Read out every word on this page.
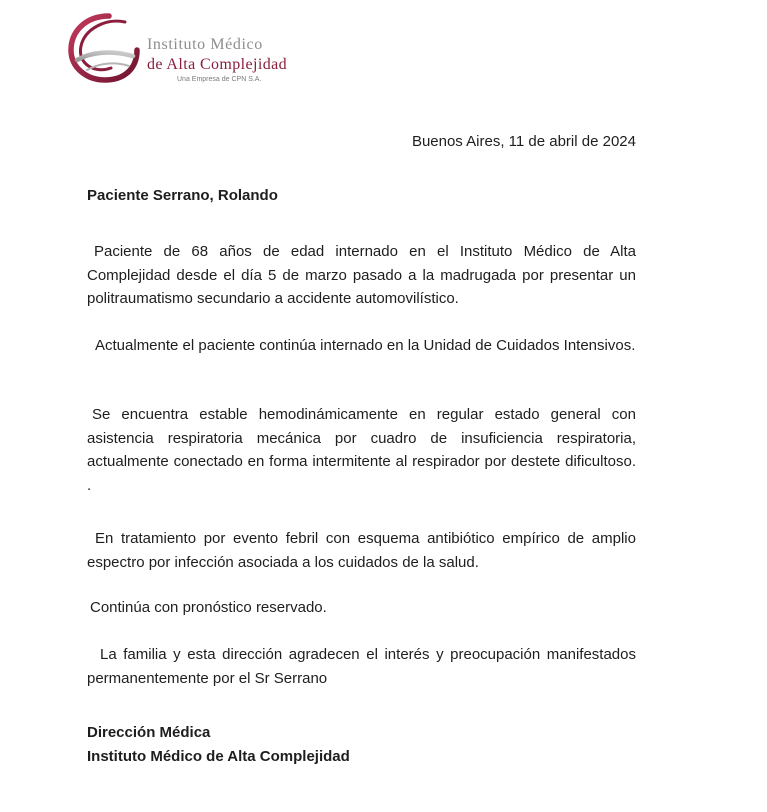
Instituto Médico
de Alta Complejidad
Una Empresa de CPN S.A.
Buenos Aires, 11 de abril de 2024
Paciente Serrano, Rolando

Paciente de 68 años de edad internado en el Instituto Médico de Alta Complejidad desde el día 5 de marzo pasado a la madrugada por presentar un politraumatismo secundario a accidente automovilístico.

Actualmente el paciente continúa internado en la Unidad de Cuidados Intensivos.

Se encuentra estable hemodinámicamente en regular estado general con asistencia respiratoria mecánica por cuadro de insuficiencia respiratoria, actualmente conectado en forma intermitente al respirador por destete dificultoso. .

En tratamiento por evento febril con esquema antibiótico empírico de amplio espectro por infección asociada a los cuidados de la salud.

Continúa con pronóstico reservado.

La familia y esta dirección agradecen el interés y preocupación manifestados permanentemente por el Sr Serrano

Dirección Médica
Instituto Médico de Alta Complejidad
